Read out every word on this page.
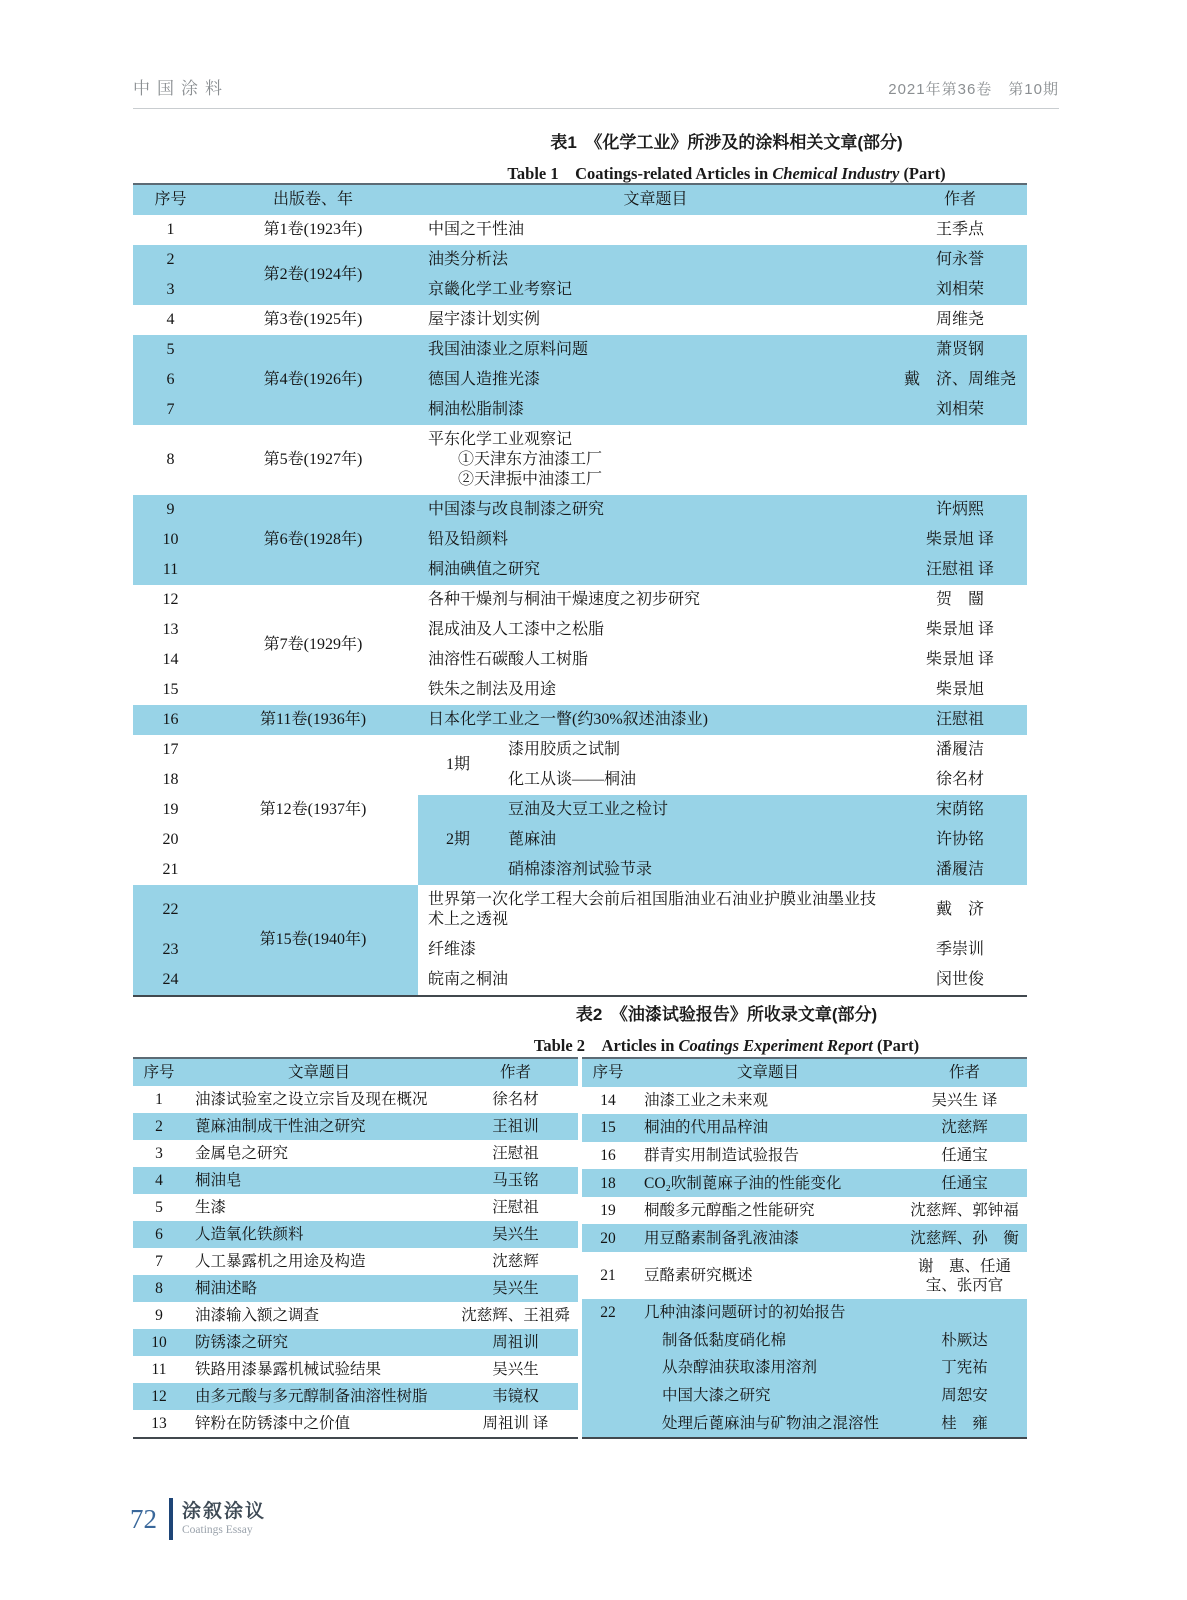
中国涂料	2021年第36卷　第10期
表1　《化学工业》所涉及的涂料相关文章(部分)
Table 1　Coatings-related Articles in Chemical Industry (Part)
序号	出版卷、年	文章题目		作者
1	第1卷(1923年)	中国之干性油		王季点
2	第2卷(1924年)	油类分析法		何永誉
3		京畿化学工业考察记		刘相荣
4	第3卷(1925年)	屋宇漆计划实例		周维尧
5	第4卷(1926年)	我国油漆业之原料问题		萧贤钢
6		德国人造推光漆		戴　济、周维尧
7		桐油松脂制漆		刘相荣
8	第5卷(1927年)	平东化学工业观察记
①天津东方油漆工厂
②天津振中油漆工厂		

9	第6卷(1928年)	中国漆与改良制漆之研究		许炳熙
10		铅及铅颜料		柴景旭 译
11		桐油碘值之研究		汪慰祖 译
12	第7卷(1929年)	各种干燥剂与桐油干燥速度之初步研究		贺　闓
13		混成油及人工漆中之松脂		柴景旭 译
14		油溶性石碳酸人工树脂		柴景旭 译
15		铁朱之制法及用途		柴景旭
16	第11卷(1936年)	日本化学工业之一瞥(约30%叙述油漆业)		汪慰祖
17	第12卷(1937年)	1期	漆用胶质之试制	潘履洁
18			化工从谈——桐油	徐名材
19		2期	豆油及大豆工业之检讨	宋荫铭
20			蓖麻油	许协铭
21			硝棉漆溶剂试验节录	潘履洁
22	第15卷(1940年)	世界第一次化学工程大会前后祖国脂油业石油业护膜业油墨业技术上之透视		戴　济
23		纤维漆		季崇训
24		皖南之桐油		闵世俊
表2　《油漆试验报告》所收录文章(部分)
Table 2　Articles in Coatings Experiment Report (Part)
序号	文章题目	作者
1	油漆试验室之设立宗旨及现在概况	徐名材
2	蓖麻油制成干性油之研究	王祖训
3	金属皂之研究	汪慰祖
4	桐油皂	马玉铭
5	生漆	汪慰祖
6	人造氧化铁颜料	吴兴生
7	人工暴露机之用途及构造	沈慈辉
8	桐油述略	吴兴生
9	油漆输入额之调查	沈慈辉、王祖舜
10	防锈漆之研究	周祖训
11	铁路用漆暴露机械试验结果	吴兴生
12	由多元酸与多元醇制备油溶性树脂	韦镜权
13	锌粉在防锈漆中之价值	周祖训 译
序号	文章题目	作者
14	油漆工业之未来观	吴兴生 译
15	桐油的代用品梓油	沈慈辉
16	群青实用制造试验报告	任通宝
18	CO₂吹制蓖麻子油的性能变化	任通宝
19	桐酸多元醇酯之性能研究	沈慈辉、郭钟福
20	用豆酪素制备乳液油漆	沈慈辉、孙　衡
21	豆酪素研究概述	谢　惠、任通宝、张丙官
22	几种油漆问题研讨的初始报告	
	制备低黏度硝化棉	朴厥达
	从杂醇油获取漆用溶剂	丁宪祐
	中国大漆之研究	周恕安
	处理后蓖麻油与矿物油之混溶性	桂　雍
72 涂叙涂议
Coatings Essay
